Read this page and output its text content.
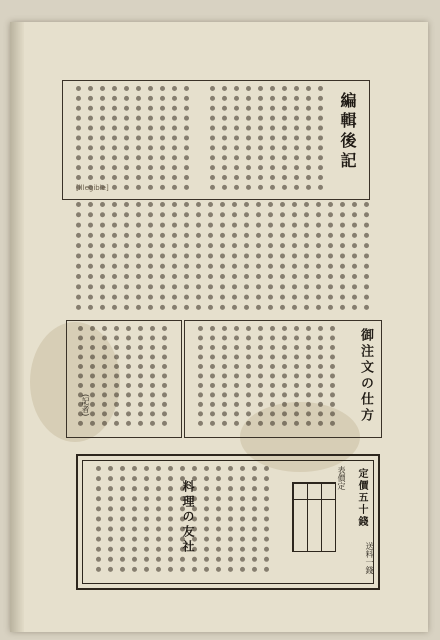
編輯後記
[illegible]
(記者)	御注文の仕方
定價五十錢
送料一錢
表價定
料理の友社
